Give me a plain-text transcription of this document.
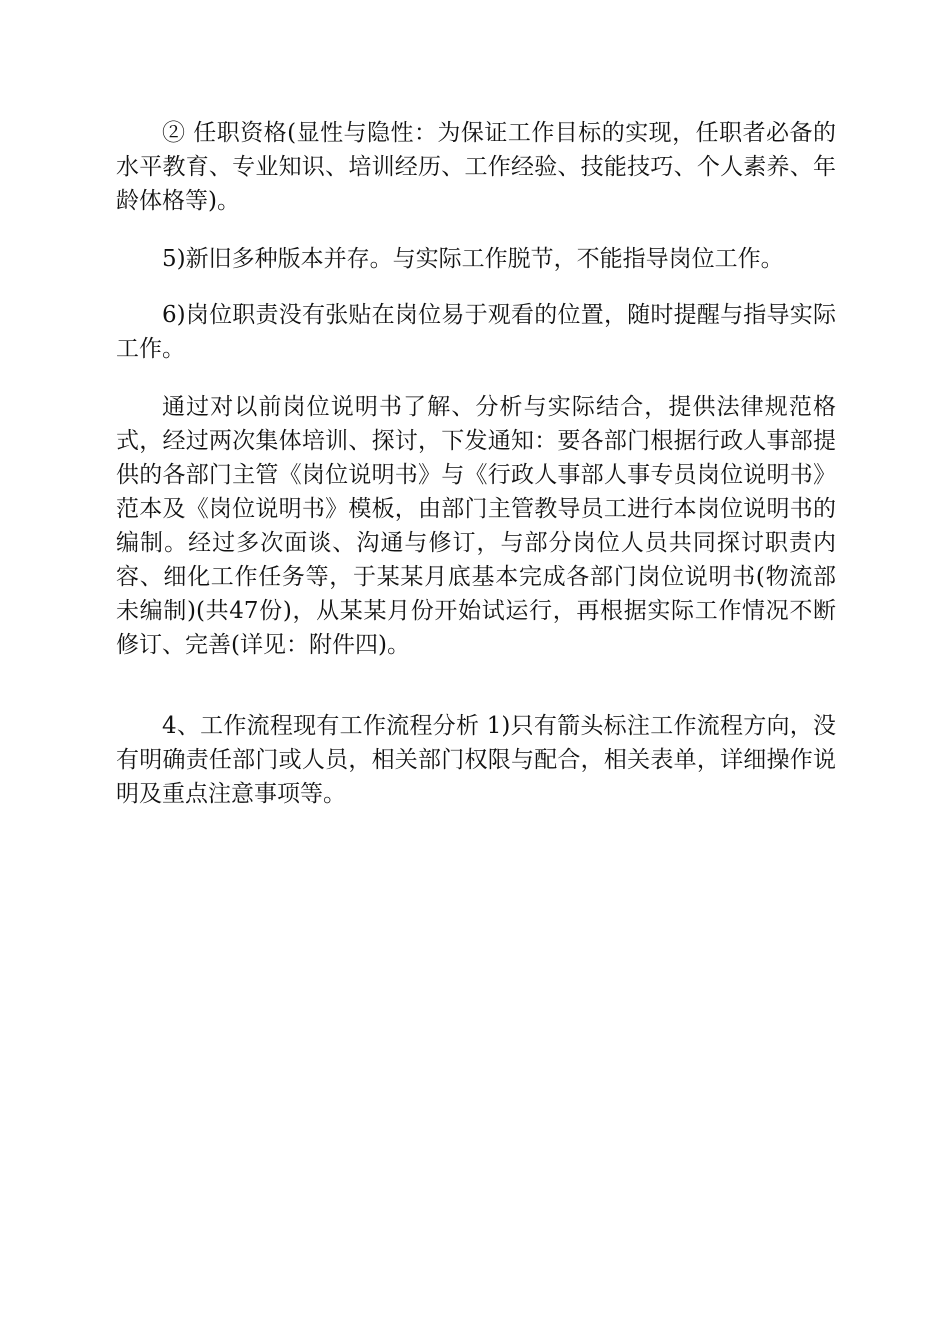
② 任职资格(显性与隐性：为保证工作目标的实现，任职者必备的水平教育、专业知识、培训经历、工作经验、技能技巧、个人素养、年龄体格等)。

5)新旧多种版本并存。与实际工作脱节，不能指导岗位工作。

6)岗位职责没有张贴在岗位易于观看的位置，随时提醒与指导实际工作。

通过对以前岗位说明书了解、分析与实际结合，提供法律规范格式，经过两次集体培训、探讨，下发通知：要各部门根据行政人事部提供的各部门主管《岗位说明书》与《行政人事部人事专员岗位说明书》范本及《岗位说明书》模板，由部门主管教导员工进行本岗位说明书的编制。经过多次面谈、沟通与修订，与部分岗位人员共同探讨职责内容、细化工作任务等，于某某月底基本完成各部门岗位说明书(物流部未编制)(共47份)，从某某月份开始试运行，再根据实际工作情况不断修订、完善(详见：附件四)。

4、工作流程现有工作流程分析 1)只有箭头标注工作流程方向，没有明确责任部门或人员，相关部门权限与配合，相关表单，详细操作说明及重点注意事项等。
